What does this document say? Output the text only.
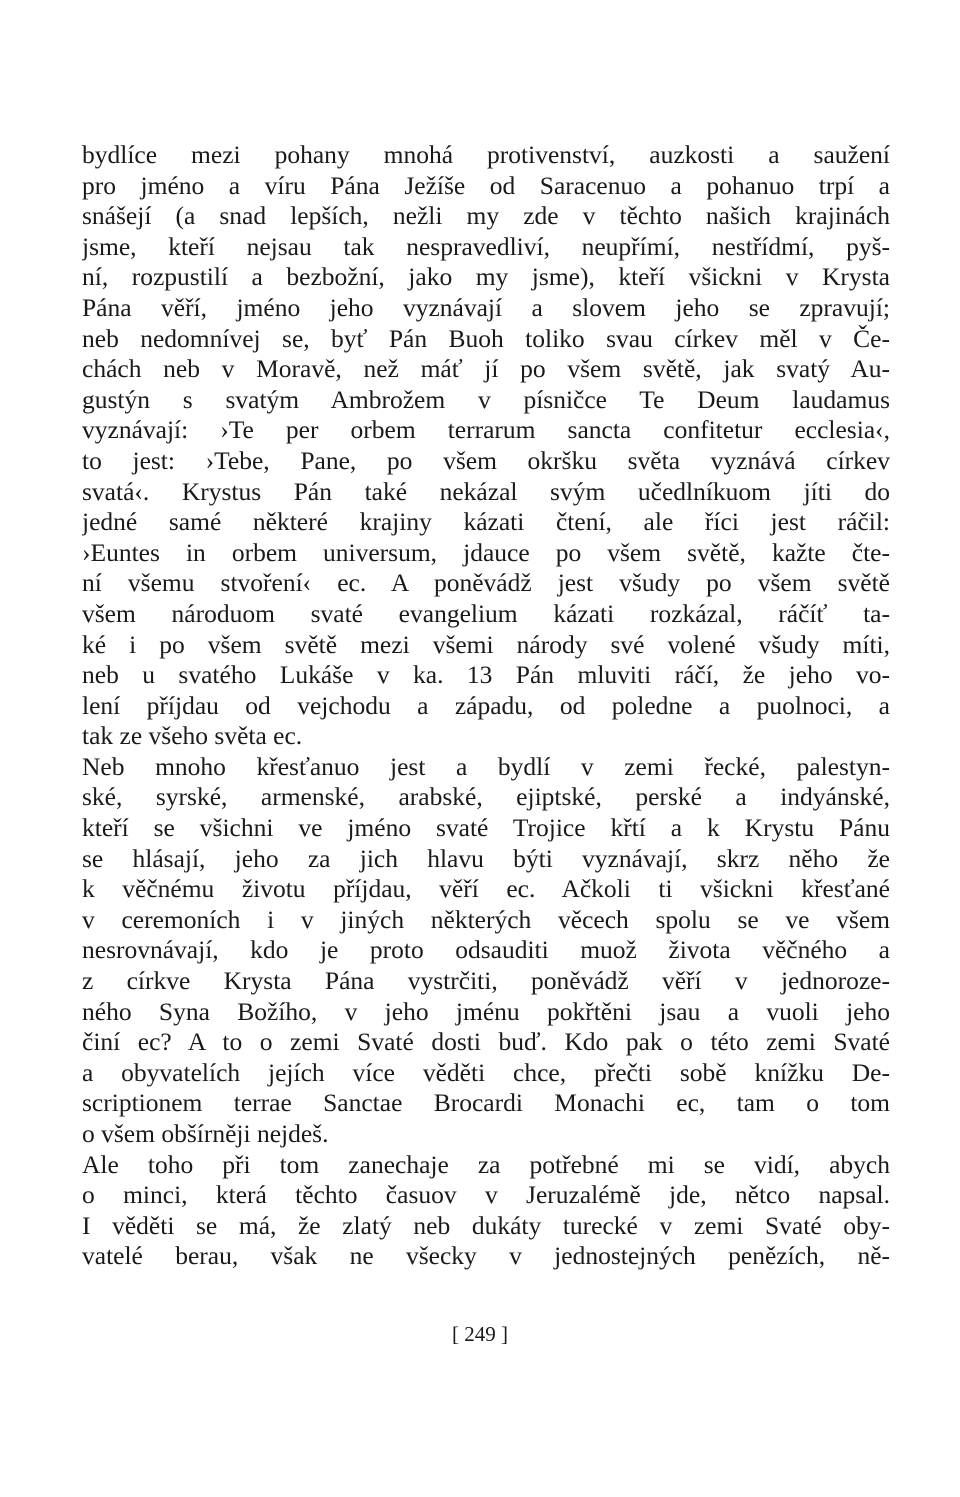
bydlíce mezi pohany mnohá protivenství, auzkosti a saužení
pro jméno a víru Pána Ježíše od Saracenuo a pohanuo trpí a
snášejí (a snad lepších, nežli my zde v těchto našich krajinách
jsme, kteří nejsau tak nespravedliví, neupřímí, nestřídmí, pyš-
ní, rozpustilí a bezbožní, jako my jsme), kteří všickni v Krysta
Pána věří, jméno jeho vyznávají a slovem jeho se zpravují;
neb nedomnívej se, byť Pán Buoh toliko svau církev měl v Če-
chách neb v Moravě, než máť jí po všem světě, jak svatý Au-
gustýn s svatým Ambrožem v písničce Te Deum laudamus
vyznávají: ›Te per orbem terrarum sancta confitetur ecclesia‹,
to jest: ›Tebe, Pane, po všem okršku světa vyznává církev
svatá‹. Krystus Pán také nekázal svým učedlníkuom jíti do
jedné samé některé krajiny kázati čtení, ale říci jest ráčil:
›Euntes in orbem universum, jdauce po všem světě, kažte čte-
ní všemu stvoření‹ ec. A poněvádž jest všudy po všem světě
všem národuom svaté evangelium kázati rozkázal, ráčíť ta-
ké i po všem světě mezi všemi národy své volené všudy míti,
neb u svatého Lukáše v ka. 13 Pán mluviti ráčí, že jeho vo-
lení příjdau od vejchodu a západu, od poledne a puolnoci, a
tak ze všeho světa ec.
Neb mnoho křesťanuo jest a bydlí v zemi řecké, palestyn-
ské, syrské, armenské, arabské, ejiptské, perské a indyánské,
kteří se všichni ve jméno svaté Trojice křtí a k Krystu Pánu
se hlásají, jeho za jich hlavu býti vyznávají, skrz něho že
k věčnému životu příjdau, věří ec. Ačkoli ti všickni křesťané
v ceremoních i v jiných některých věcech spolu se ve všem
nesrovnávají, kdo je proto odsauditi muož života věčného a
z církve Krysta Pána vystrčiti, poněvádž věří v jednorozе-
ného Syna Božího, v jeho jménu pokřtěni jsau a vuoli jeho
činí ec? A to o zemi Svaté dosti buď. Kdo pak o této zemi Svaté
a obyvatelích jejích více věděti chce, přečti sobě knížku De-
scriptionem terrae Sanctae Brocardi Monachi ec, tam o tom
o všem obšírněji nejdeš.
Ale toho při tom zanechaje za potřebné mi se vidí, abych
o minci, která těchto časuov v Jeruzalémě jde, nětco napsal.
I věděti se má, že zlatý neb dukáty turecké v zemi Svaté oby-
vatelé berau, však ne všecky v jednostejných penězích, ně-
[ 249 ]
